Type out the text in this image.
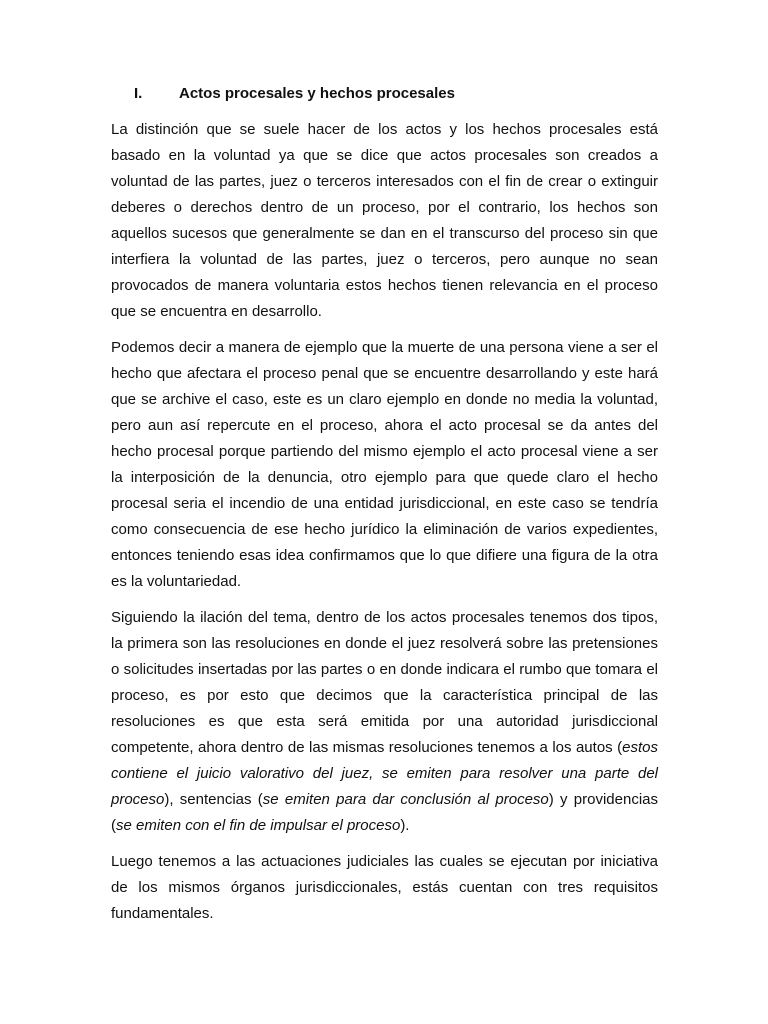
I. Actos procesales y hechos procesales

La distinción que se suele hacer de los actos y los hechos procesales está basado en la voluntad ya que se dice que actos procesales son creados a voluntad de las partes, juez o terceros interesados con el fin de crear o extinguir deberes o derechos dentro de un proceso, por el contrario, los hechos son aquellos sucesos que generalmente se dan en el transcurso del proceso sin que interfiera la voluntad de las partes, juez o terceros, pero aunque no sean provocados de manera voluntaria estos hechos tienen relevancia en el proceso que se encuentra en desarrollo.

Podemos decir a manera de ejemplo que la muerte de una persona viene a ser el hecho que afectara el proceso penal que se encuentre desarrollando y este hará que se archive el caso, este es un claro ejemplo en donde no media la voluntad, pero aun así repercute en el proceso, ahora el acto procesal se da antes del hecho procesal porque partiendo del mismo ejemplo el acto procesal viene a ser la interposición de la denuncia, otro ejemplo para que quede claro el hecho procesal seria el incendio de una entidad jurisdiccional, en este caso se tendría como consecuencia de ese hecho jurídico la eliminación de varios expedientes, entonces teniendo esas idea confirmamos que lo que difiere una figura de la otra es la voluntariedad.

Siguiendo la ilación del tema, dentro de los actos procesales tenemos dos tipos, la primera son las resoluciones en donde el juez resolverá sobre las pretensiones o solicitudes insertadas por las partes o en donde indicara el rumbo que tomara el proceso, es por esto que decimos que la característica principal de las resoluciones es que esta será emitida por una autoridad jurisdiccional competente, ahora dentro de las mismas resoluciones tenemos a los autos (estos contiene el juicio valorativo del juez, se emiten para resolver una parte del proceso), sentencias (se emiten para dar conclusión al proceso) y providencias (se emiten con el fin de impulsar el proceso).

Luego tenemos a las actuaciones judiciales las cuales se ejecutan por iniciativa de los mismos órganos jurisdiccionales, estás cuentan con tres requisitos fundamentales.
